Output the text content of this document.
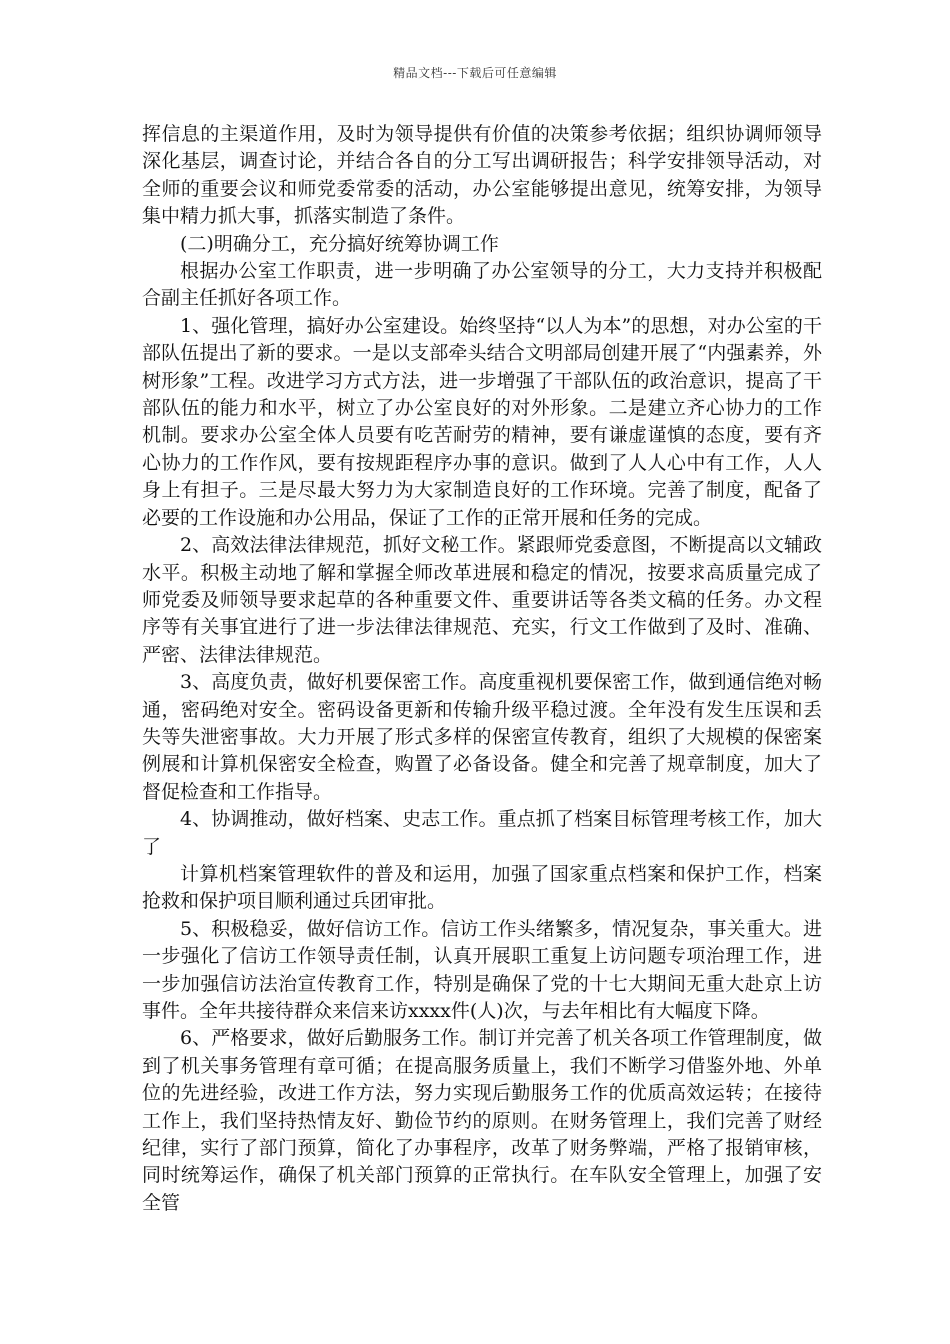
精品文档---下载后可任意编辑

挥信息的主渠道作用，及时为领导提供有价值的决策参考依据；组织协调师领导深化基层，调查讨论，并结合各自的分工写出调研报告；科学安排领导活动，对全师的重要会议和师党委常委的活动，办公室能够提出意见，统筹安排，为领导集中精力抓大事，抓落实制造了条件。

(二)明确分工，充分搞好统筹协调工作

根据办公室工作职责，进一步明确了办公室领导的分工，大力支持并积极配合副主任抓好各项工作。

1、强化管理，搞好办公室建设。始终坚持“以人为本”的思想，对办公室的干部队伍提出了新的要求。一是以支部牵头结合文明部局创建开展了“内强素养，外树形象”工程。改进学习方式方法，进一步增强了干部队伍的政治意识，提高了干部队伍的能力和水平，树立了办公室良好的对外形象。二是建立齐心协力的工作机制。要求办公室全体人员要有吃苦耐劳的精神，要有谦虚谨慎的态度，要有齐心协力的工作作风，要有按规距程序办事的意识。做到了人人心中有工作，人人身上有担子。三是尽最大努力为大家制造良好的工作环境。完善了制度，配备了必要的工作设施和办公用品，保证了工作的正常开展和任务的完成。

2、高效法律法律规范，抓好文秘工作。紧跟师党委意图，不断提高以文辅政水平。积极主动地了解和掌握全师改革进展和稳定的情况，按要求高质量完成了师党委及师领导要求起草的各种重要文件、重要讲话等各类文稿的任务。办文程序等有关事宜进行了进一步法律法律规范、充实，行文工作做到了及时、准确、严密、法律法律规范。

3、高度负责，做好机要保密工作。高度重视机要保密工作，做到通信绝对畅通，密码绝对安全。密码设备更新和传输升级平稳过渡。全年没有发生压误和丢失等失泄密事故。大力开展了形式多样的保密宣传教育，组织了大规模的保密案例展和计算机保密安全检查，购置了必备设备。健全和完善了规章制度，加大了督促检查和工作指导。

4、协调推动，做好档案、史志工作。重点抓了档案目标管理考核工作，加大了

计算机档案管理软件的普及和运用，加强了国家重点档案和保护工作，档案抢救和保护项目顺利通过兵团审批。

5、积极稳妥，做好信访工作。信访工作头绪繁多，情况复杂，事关重大。进一步强化了信访工作领导责任制，认真开展职工重复上访问题专项治理工作，进一步加强信访法治宣传教育工作，特别是确保了党的十七大期间无重大赴京上访事件。全年共接待群众来信来访xxxx件(人)次，与去年相比有大幅度下降。

6、严格要求，做好后勤服务工作。制订并完善了机关各项工作管理制度，做到了机关事务管理有章可循；在提高服务质量上，我们不断学习借鉴外地、外单位的先进经验，改进工作方法，努力实现后勤服务工作的优质高效运转；在接待工作上，我们坚持热情友好、勤俭节约的原则。在财务管理上，我们完善了财经纪律，实行了部门预算，简化了办事程序，改革了财务弊端，严格了报销审核，同时统筹运作，确保了机关部门预算的正常执行。在车队安全管理上，加强了安全管
